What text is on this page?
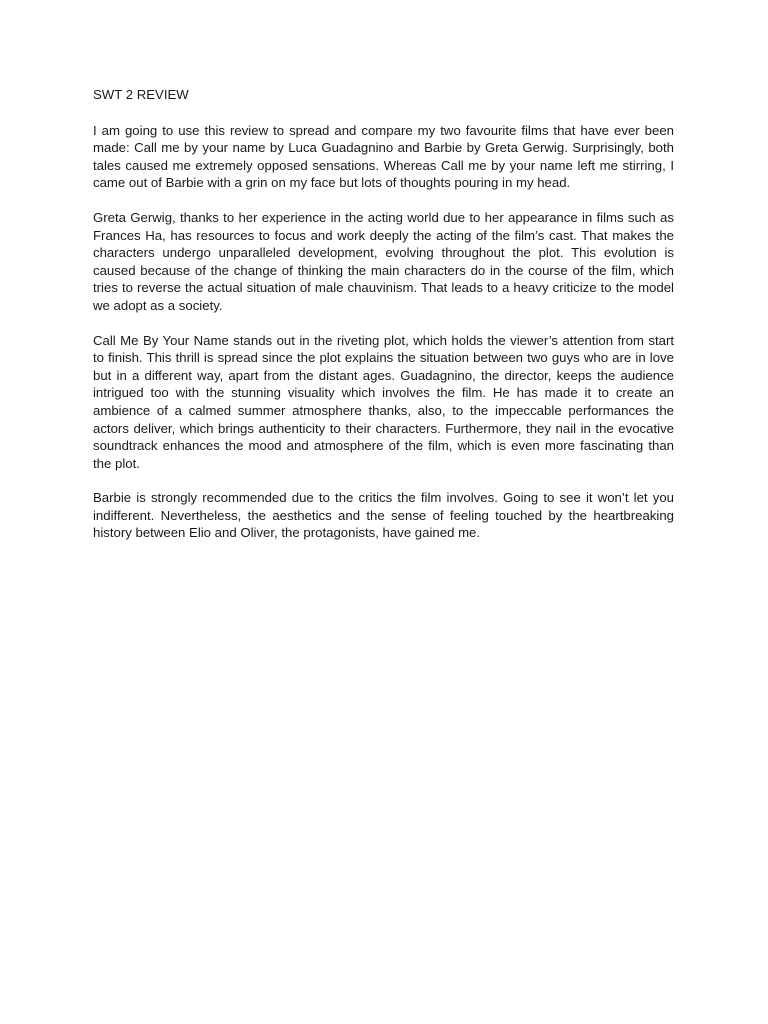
SWT 2 REVIEW

I am going to use this review to spread and compare my two favourite films that have ever been made: Call me by your name by Luca Guadagnino and Barbie by Greta Gerwig. Surprisingly, both tales caused me extremely opposed sensations. Whereas Call me by your name left me stirring, I came out of Barbie with a grin on my face but lots of thoughts pouring in my head.

Greta Gerwig, thanks to her experience in the acting world due to her appearance in films such as Frances Ha, has resources to focus and work deeply the acting of the film’s cast. That makes the characters undergo unparalleled development, evolving throughout the plot. This evolution is caused because of the change of thinking the main characters do in the course of the film, which tries to reverse the actual situation of male chauvinism. That leads to a heavy criticize to the model we adopt as a society.

Call Me By Your Name stands out in the riveting plot, which holds the viewer’s attention from start to finish. This thrill is spread since the plot explains the situation between two guys who are in love but in a different way, apart from the distant ages. Guadagnino, the director, keeps the audience intrigued too with the stunning visuality which involves the film. He has made it to create an ambience of a calmed summer atmosphere thanks, also, to the impeccable performances the actors deliver, which brings authenticity to their characters. Furthermore, they nail in the evocative soundtrack enhances the mood and atmosphere of the film, which is even more fascinating than the plot.

Barbie is strongly recommended due to the critics the film involves. Going to see it won’t let you indifferent. Nevertheless, the aesthetics and the sense of feeling touched by the heartbreaking history between Elio and Oliver, the protagonists, have gained me.
